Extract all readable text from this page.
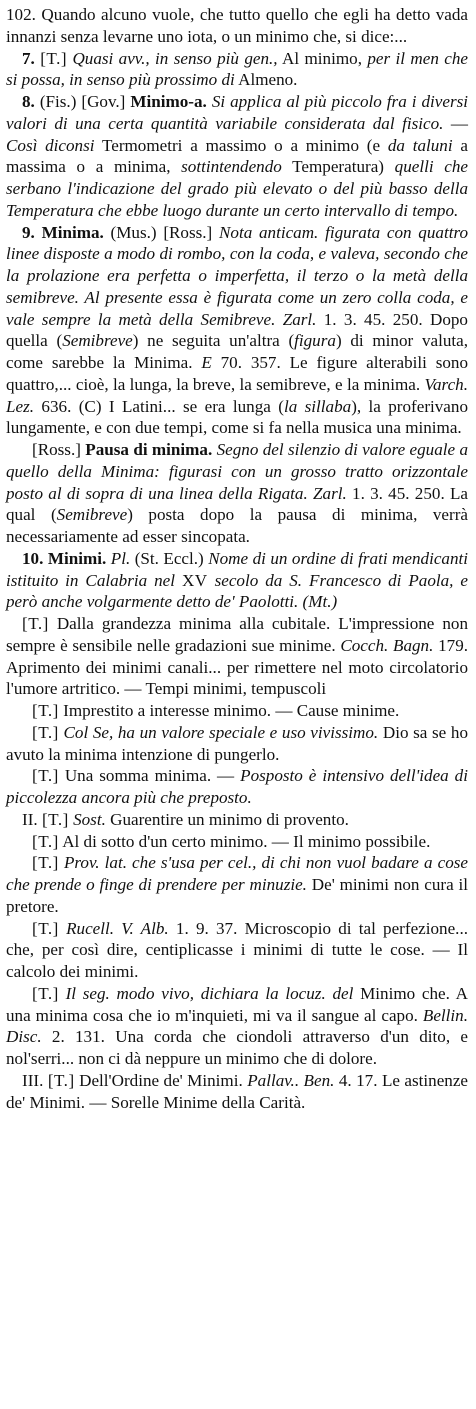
102. Quando alcuno vuole, che tutto quello che egli ha detto vada innanzi senza levarne uno iota, o un minimo che, si dice:...

7. [T.] Quasi avv., in senso più gen., Al minimo, per il men che si possa, in senso più prossimo di Almeno.

8. (Fis.) [Gov.] Minimo-a. Si applica al più piccolo fra i diversi valori di una certa quantità variabile considerata dal fisico. — Così diconsi Termometri a massimo o a minimo (e da taluni a massima o a minima, sottintendendo Temperatura) quelli che serbano l'indicazione del grado più elevato o del più basso della Temperatura che ebbe luogo durante un certo intervallo di tempo.

9. Minima. (Mus.) [Ross.] Nota anticam. figurata con quattro linee disposte a modo di rombo, con la coda, e valeva, secondo che la prolazione era perfetta o imperfetta, il terzo o la metà della semibreve. Al presente essa è figurata come un zero colla coda, e vale sempre la metà della Semibreve. Zarl. 1. 3. 45. 250. Dopo quella (Semibreve) ne seguita un'altra (figura) di minor valuta, come sarebbe la Minima. E 70. 357. Le figure alterabili sono quattro,... cioè, la lunga, la breve, la semibreve, e la minima. Varch. Lez. 636. (C) I Latini... se era lunga (la sillaba), la proferivano lungamente, e con due tempi, come si fa nella musica una minima.

[Ross.] Pausa di minima. Segno del silenzio di valore eguale a quello della Minima: figurasi con un grosso tratto orizzontale posto al di sopra di una linea della Rigata. Zarl. 1. 3. 45. 250. La qual (Semibreve) posta dopo la pausa di minima, verrà necessariamente ad esser sincopata.

10. Minimi. Pl. (St. Eccl.) Nome di un ordine di frati mendicanti istituito in Calabria nel XV secolo da S. Francesco di Paola, e però anche volgarmente detto de' Paolotti. (Mt.)

[T.] Dalla grandezza minima alla cubitale. L'impressione non sempre è sensibile nelle gradazioni sue minime. Cocch. Bagn. 179. Aprimento dei minimi canali... per rimettere nel moto circolatorio l'umore artritico. — Tempi minimi, tempuscoli

[T.] Imprestito a interesse minimo. — Cause minime.

[T.] Col Se, ha un valore speciale e uso vivissimo. Dio sa se ho avuto la minima intenzione di pungerlo.

[T.] Una somma minima. — Posposto è intensivo dell'idea di piccolezza ancora più che preposto.

II. [T.] Sost. Guarentire un minimo di provento.

[T.] Al di sotto d'un certo minimo. — Il minimo possibile.

[T.] Prov. lat. che s'usa per cel., di chi non vuol badare a cose che prende o finge di prendere per minuzie. De' minimi non cura il pretore.

[T.] Rucell. V. Alb. 1. 9. 37. Microscopio di tal perfezione... che, per così dire, centiplicasse i minimi di tutte le cose. — Il calcolo dei minimi.

[T.] Il seg. modo vivo, dichiara la locuz. del Minimo che. A una minima cosa che io m'inquieti, mi va il sangue al capo. Bellin. Disc. 2. 131. Una corda che ciondoli attraverso d'un dito, e nol'serri... non ci dà neppure un minimo che di dolore.

III. [T.] Dell'Ordine de' Minimi. Pallav.. Ben. 4. 17. Le astinenze de' Minimi. — Sorelle Minime della Carità.
